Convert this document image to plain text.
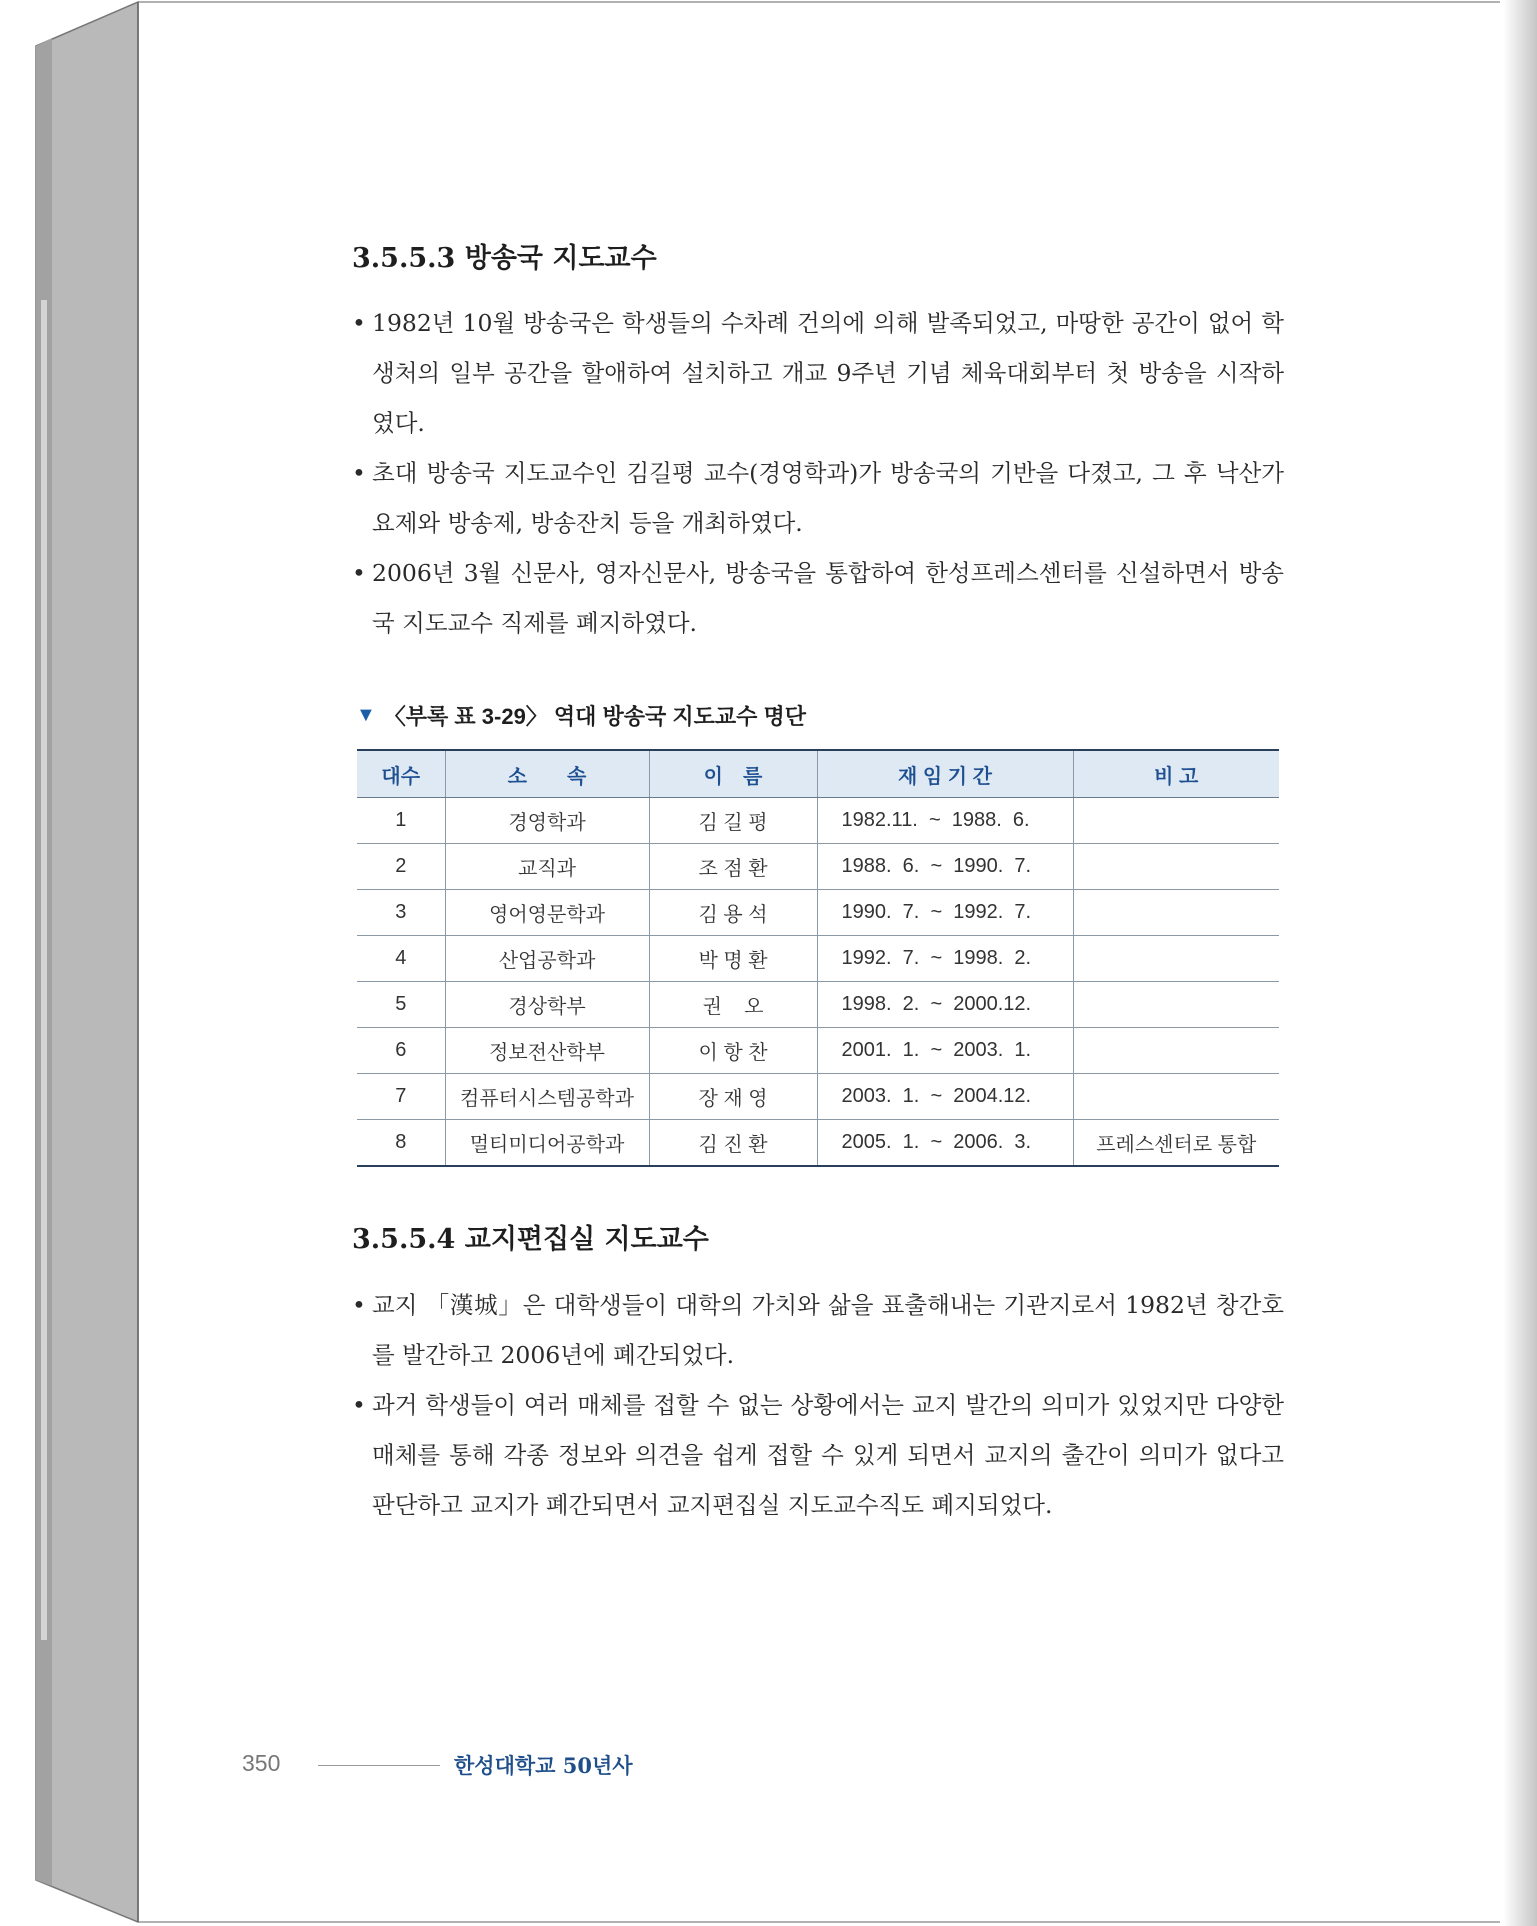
3.5.5.3 방송국 지도교수
• 1982년 10월 방송국은 학생들의 수차례 건의에 의해 발족되었고, 마땅한 공간이 없어 학생처의 일부 공간을 할애하여 설치하고 개교 9주년 기념 체육대회부터 첫 방송을 시작하였다.
• 초대 방송국 지도교수인 김길평 교수(경영학과)가 방송국의 기반을 다졌고, 그 후 낙산가요제와 방송제, 방송잔치 등을 개최하였다.
• 2006년 3월 신문사, 영자신문사, 방송국을 통합하여 한성프레스센터를 신설하면서 방송국 지도교수 직제를 폐지하였다.
▼ 〈부록 표 3-29〉 역대 방송국 지도교수 명단
대수	소　　속	이　름	재 임 기 간	비 고
1	경영학과	김 길 평	1982.11.  ~  1988.  6.	
2	교직과	조 점 환	1988.  6.  ~  1990.  7.	
3	영어영문학과	김 용 석	1990.  7.  ~  1992.  7.	
4	산업공학과	박 명 환	1992.  7.  ~  1998.  2.	
5	경상학부	권    오	1998.  2.  ~  2000.12.	
6	정보전산학부	이 항 찬	2001.  1.  ~  2003.  1.	
7	컴퓨터시스템공학과	장 재 영	2003.  1.  ~  2004.12.	
8	멀티미디어공학과	김 진 환	2005.  1.  ~  2006.  3.	프레스센터로 통합
3.5.5.4 교지편집실 지도교수
• 교지 「漢城」은 대학생들이 대학의 가치와 삶을 표출해내는 기관지로서 1982년 창간호를 발간하고 2006년에 폐간되었다.
• 과거 학생들이 여러 매체를 접할 수 없는 상황에서는 교지 발간의 의미가 있었지만 다양한 매체를 통해 각종 정보와 의견을 쉽게 접할 수 있게 되면서 교지의 출간이 의미가 없다고 판단하고 교지가 폐간되면서 교지편집실 지도교수직도 폐지되었다.
350	한성대학교 50년사
